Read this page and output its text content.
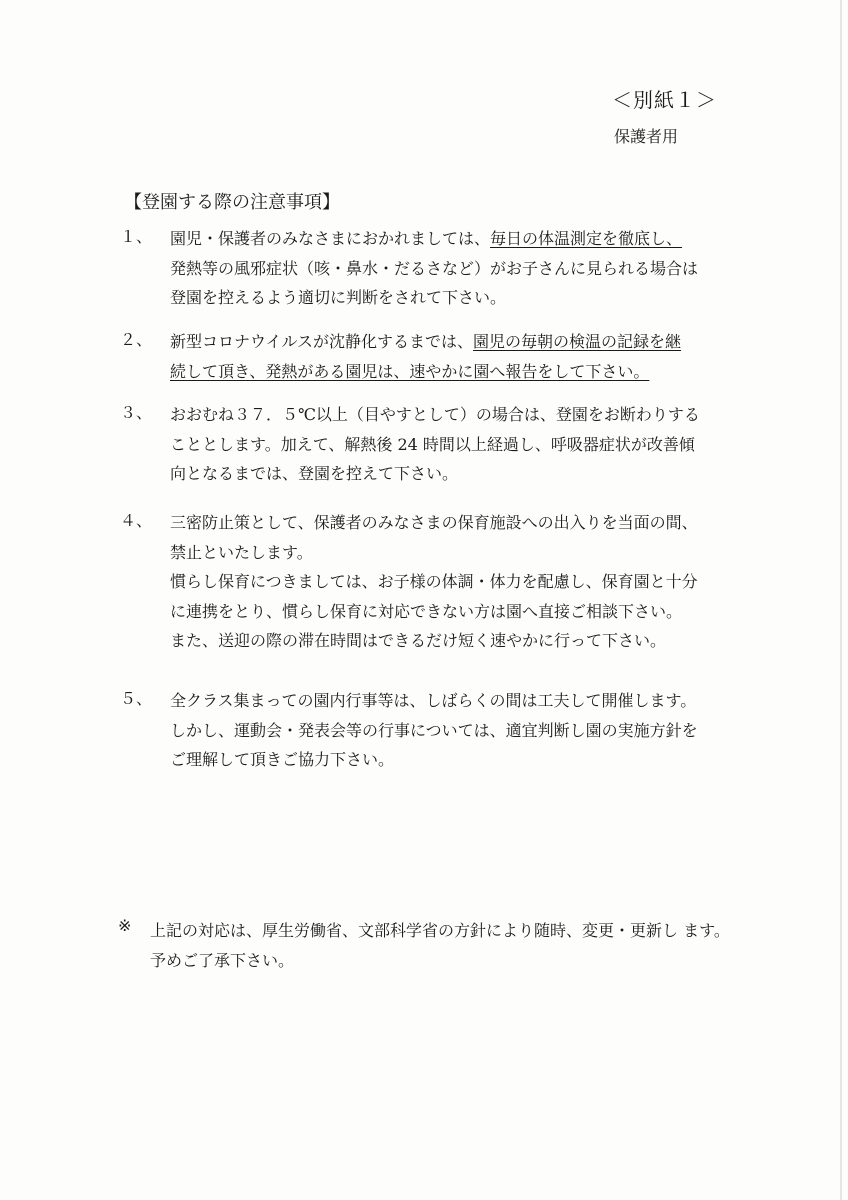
＜別紙１＞
保護者用
【登園する際の注意事項】
１、 園児・保護者のみなさまにおかれましては、毎日の体温測定を徹底し、
発熱等の風邪症状（咳・鼻水・だるさなど）がお子さんに見られる場合は
登園を控えるよう適切に判断をされて下さい。
２、 新型コロナウイルスが沈静化するまでは、園児の毎朝の検温の記録を継
続して頂き、発熱がある園児は、速やかに園へ報告をして下さい。
３、 おおむね３７．５℃以上（目やすとして）の場合は、登園をお断わりする
こととします。加えて、解熱後 24 時間以上経過し、呼吸器症状が改善傾
向となるまでは、登園を控えて下さい。
４、 三密防止策として、保護者のみなさまの保育施設への出入りを当面の間、
禁止といたします。
慣らし保育につきましては、お子様の体調・体力を配慮し、保育園と十分
に連携をとり、慣らし保育に対応できない方は園へ直接ご相談下さい。
また、送迎の際の滞在時間はできるだけ短く速やかに行って下さい。
５、 全クラス集まっての園内行事等は、しばらくの間は工夫して開催します。
しかし、運動会・発表会等の行事については、適宜判断し園の実施方針を
ご理解して頂きご協力下さい。
※ 上記の対応は、厚生労働省、文部科学省の方針により随時、変更・更新し ます。予めご了承下さい。
